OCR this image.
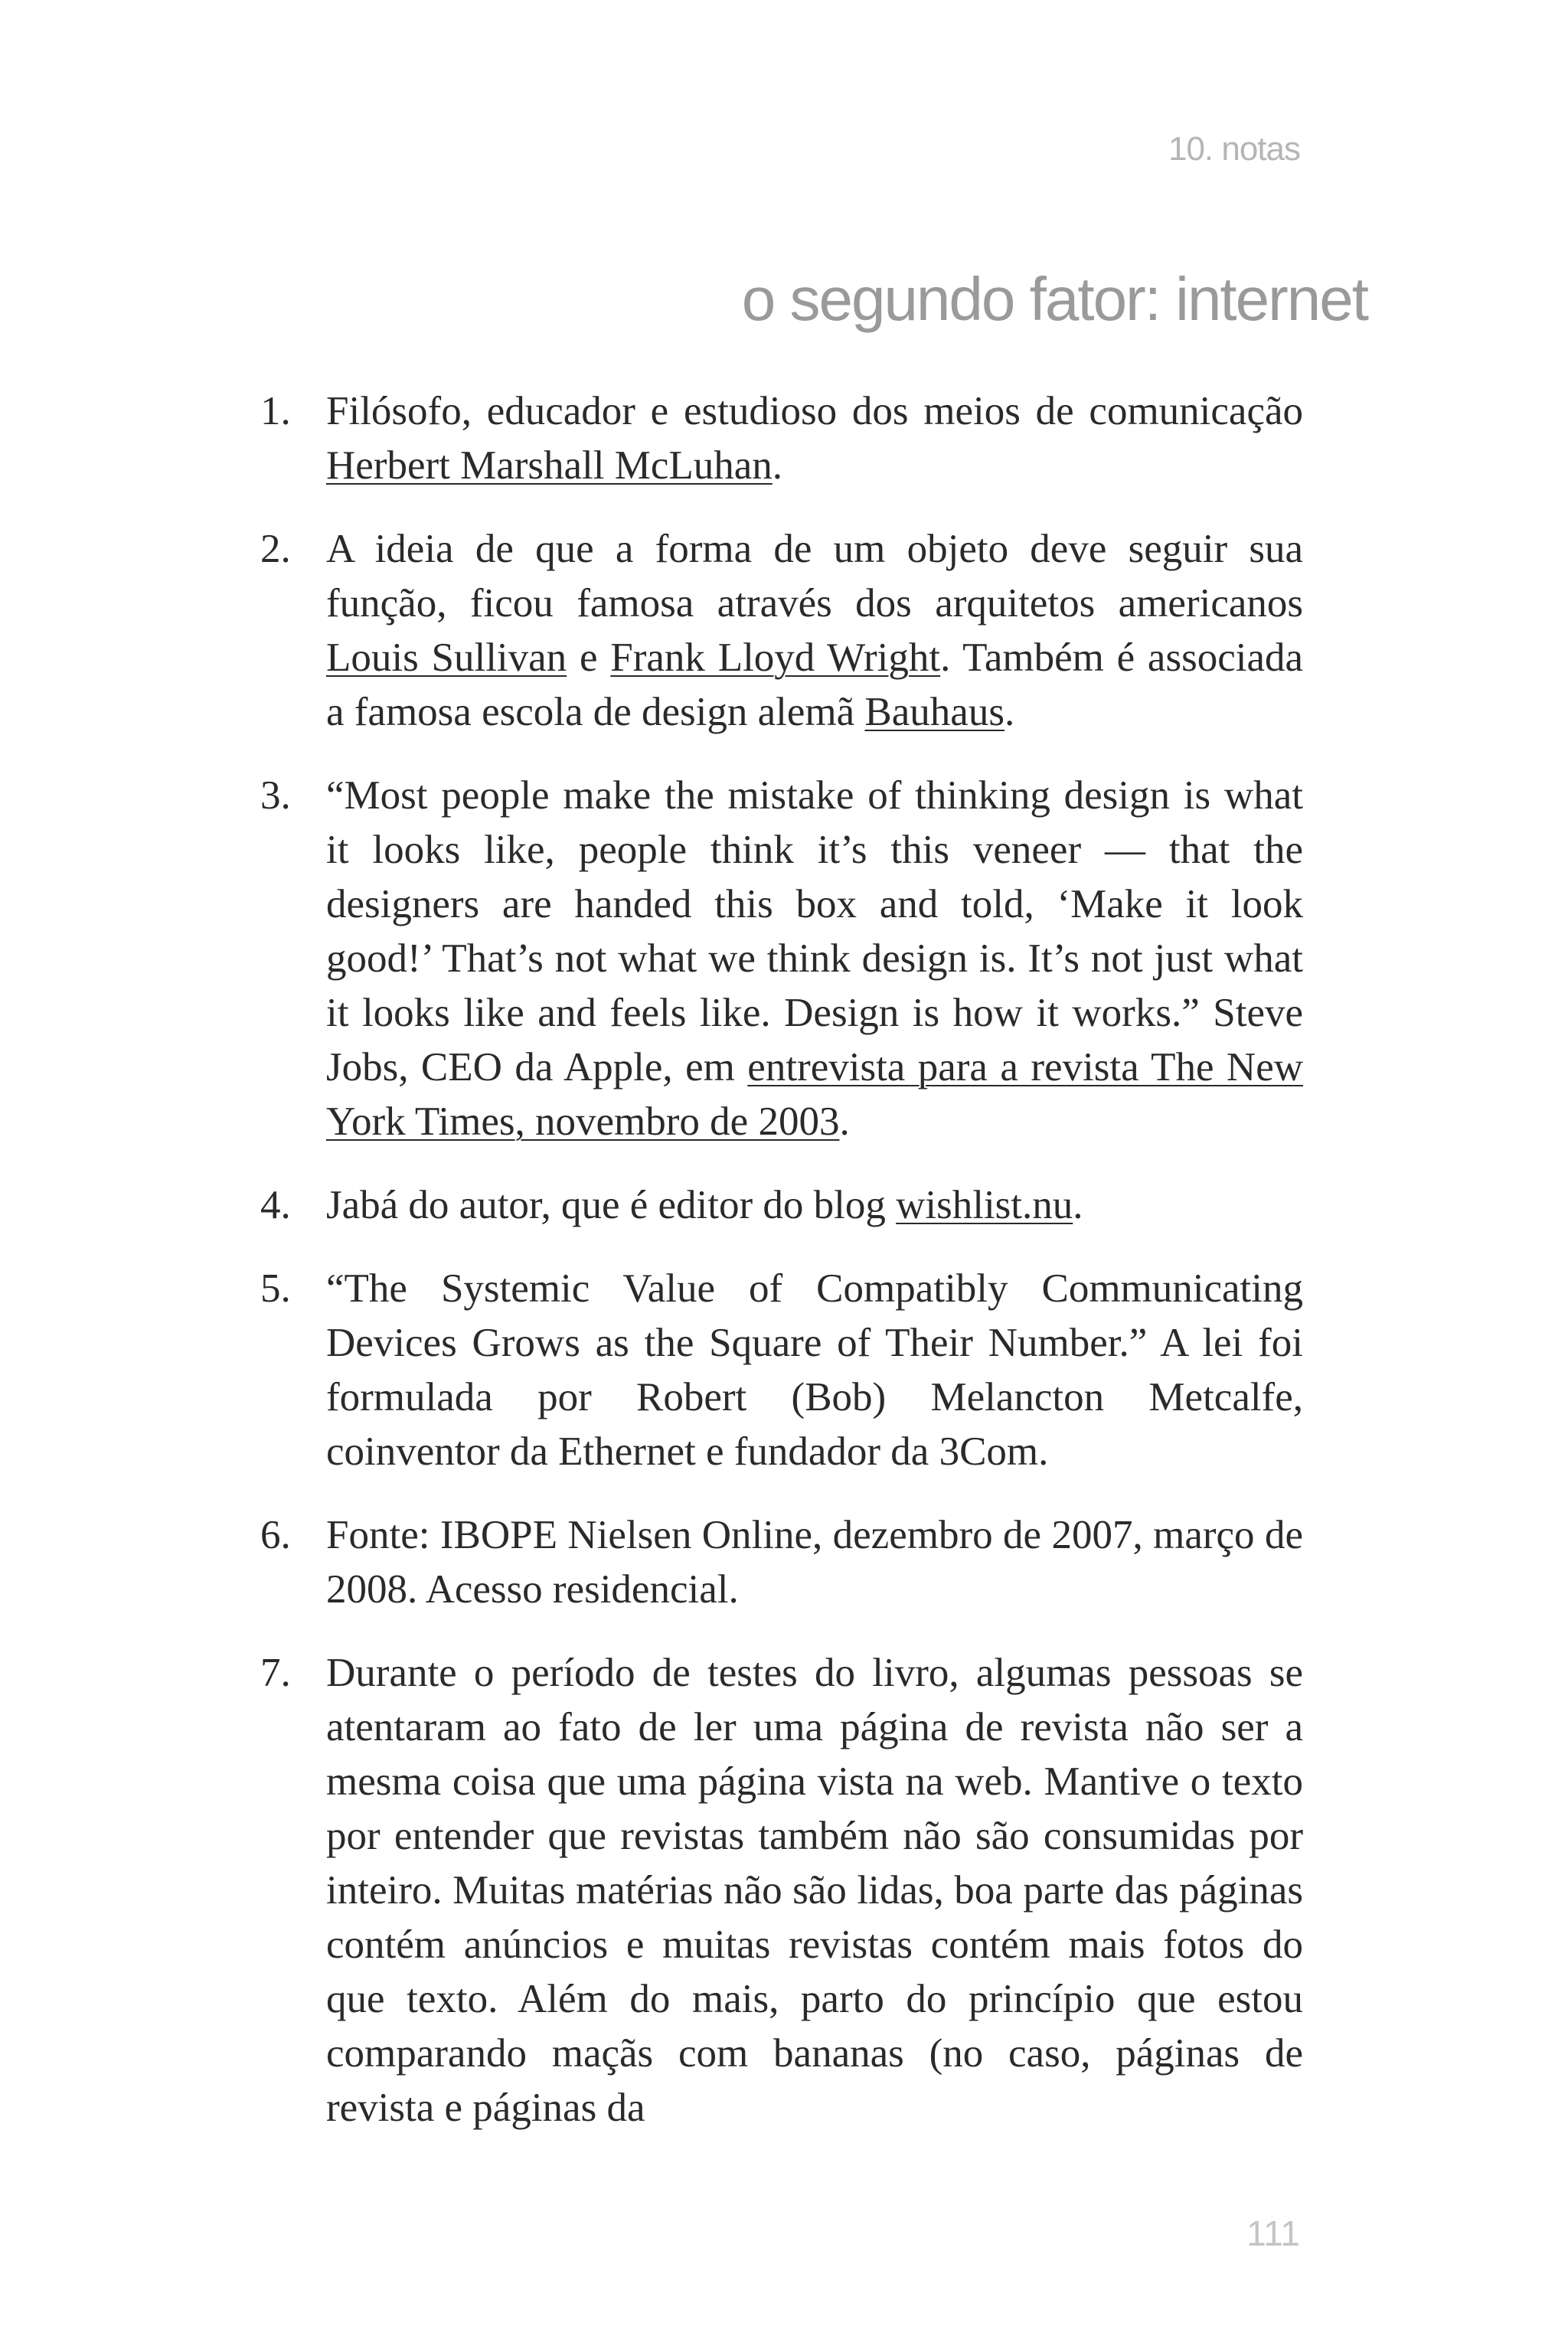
10. notas
o segundo fator: internet
1. Filósofo, educador e estudioso dos meios de comunicação Herbert Marshall McLuhan.
2. A ideia de que a forma de um objeto deve seguir sua função, ficou famosa através dos arquitetos americanos Louis Sullivan e Frank Lloyd Wright. Também é associada a famosa escola de design alemã Bauhaus.
3. “Most people make the mistake of thinking design is what it looks like, people think it’s this veneer — that the designers are handed this box and told, ‘Make it look good!’ That’s not what we think design is. It’s not just what it looks like and feels like. Design is how it works.” Steve Jobs, CEO da Apple, em entrevista para a revista The New York Times, novembro de 2003.
4. Jabá do autor, que é editor do blog wishlist.nu.
5. “The Systemic Value of Compatibly Communicating Devices Grows as the Square of Their Number.” A lei foi formulada por Robert (Bob) Melancton Metcalfe, coinventor da Ethernet e fundador da 3Com.
6. Fonte: IBOPE Nielsen Online, dezembro de 2007, março de 2008. Acesso residencial.
7. Durante o período de testes do livro, algumas pessoas se atentaram ao fato de ler uma página de revista não ser a mesma coisa que uma página vista na web. Mantive o texto por entender que revistas também não são consumidas por inteiro. Muitas matérias não são lidas, boa parte das páginas contém anúncios e muitas revistas contém mais fotos do que texto. Além do mais, parto do princípio que estou comparando maçãs com bananas (no caso, páginas de revista e páginas da
111
